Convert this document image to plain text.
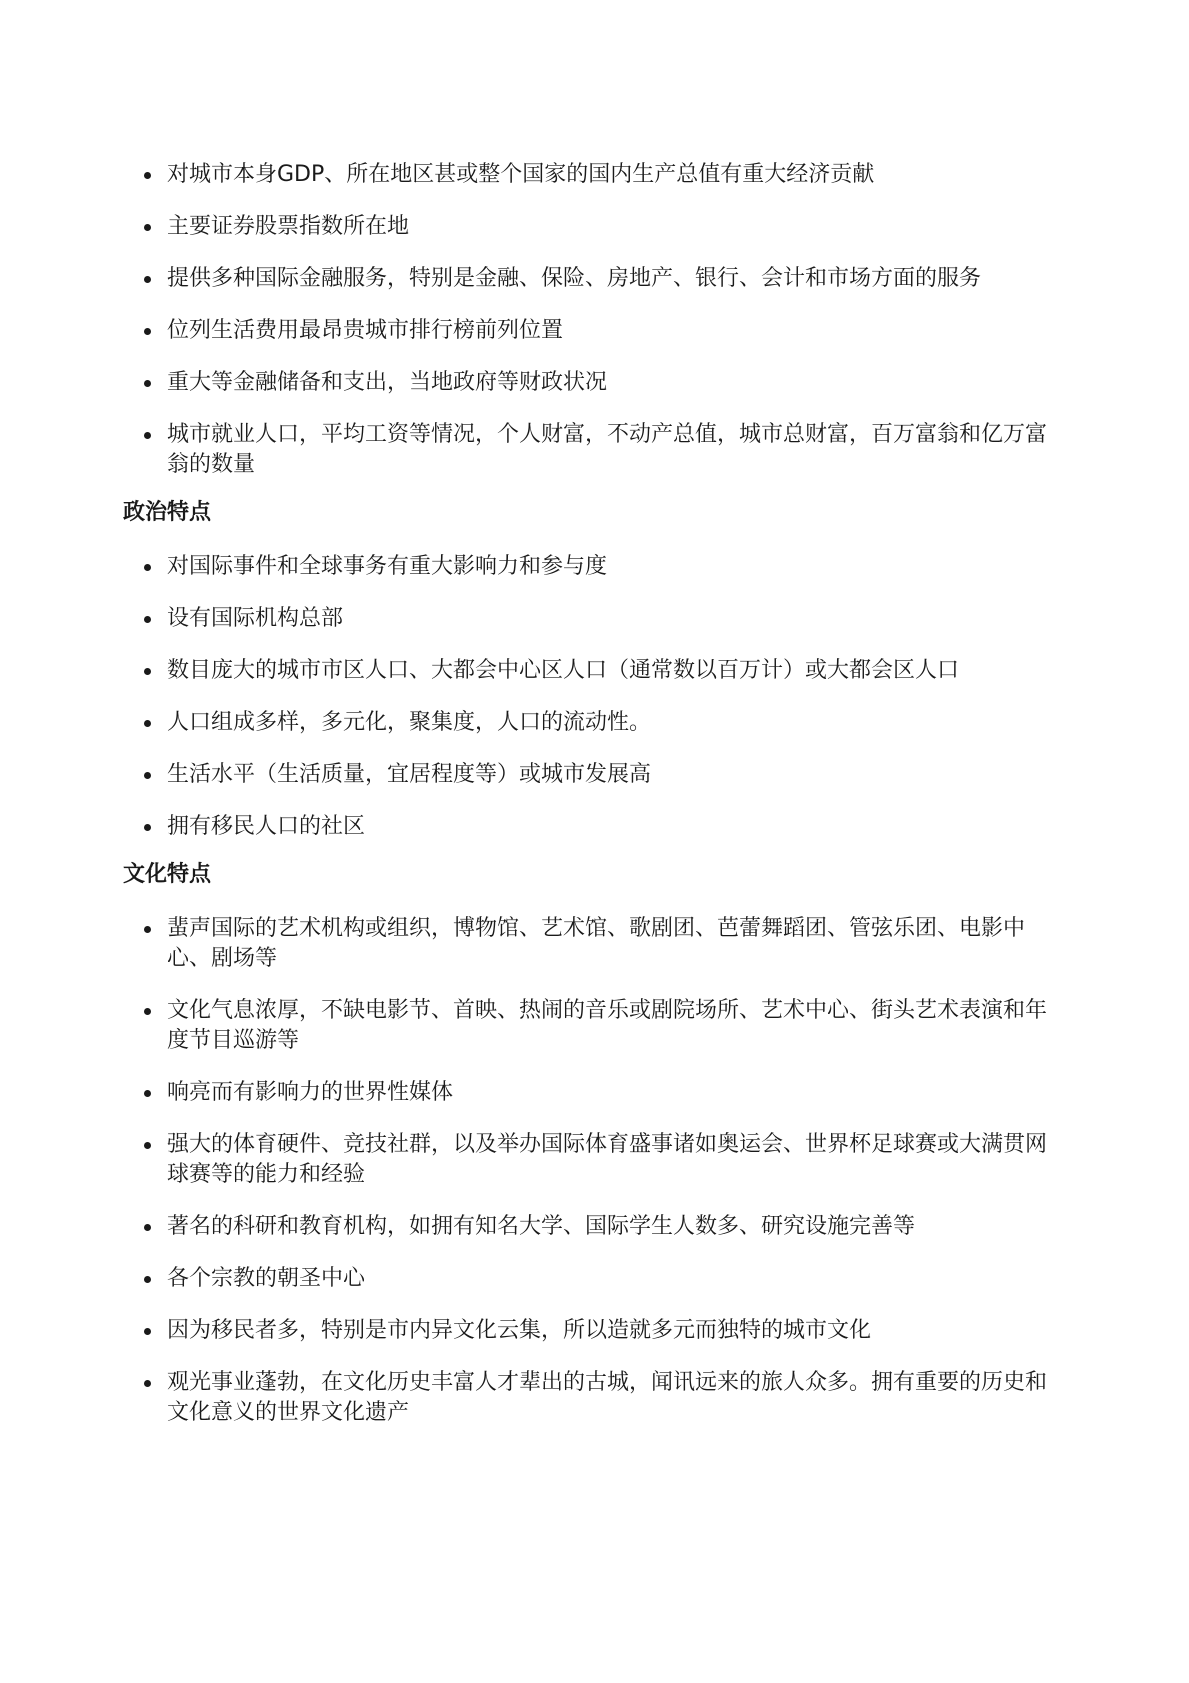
对城市本身GDP、所在地区甚或整个国家的国内生产总值有重大经济贡献
主要证券股票指数所在地
提供多种国际金融服务，特别是金融、保险、房地产、银行、会计和市场方面的服务
位列生活费用最昂贵城市排行榜前列位置
重大等金融储备和支出，当地政府等财政状况
城市就业人口，平均工资等情况，个人财富，不动产总值，城市总财富，百万富翁和亿万富翁的数量
政治特点
对国际事件和全球事务有重大影响力和参与度
设有国际机构总部
数目庞大的城市市区人口、大都会中心区人口（通常数以百万计）或大都会区人口
人口组成多样，多元化，聚集度，人口的流动性。
生活水平（生活质量，宜居程度等）或城市发展高
拥有移民人口的社区
文化特点
蜚声国际的艺术机构或组织，博物馆、艺术馆、歌剧团、芭蕾舞蹈团、管弦乐团、电影中心、剧场等
文化气息浓厚，不缺电影节、首映、热闹的音乐或剧院场所、艺术中心、街头艺术表演和年度节目巡游等
响亮而有影响力的世界性媒体
强大的体育硬件、竞技社群，以及举办国际体育盛事诸如奥运会、世界杯足球赛或大满贯网球赛等的能力和经验
著名的科研和教育机构，如拥有知名大学、国际学生人数多、研究设施完善等
各个宗教的朝圣中心
因为移民者多，特别是市内异文化云集，所以造就多元而独特的城市文化
观光事业蓬勃，在文化历史丰富人才辈出的古城，闻讯远来的旅人众多。拥有重要的历史和文化意义的世界文化遗产
